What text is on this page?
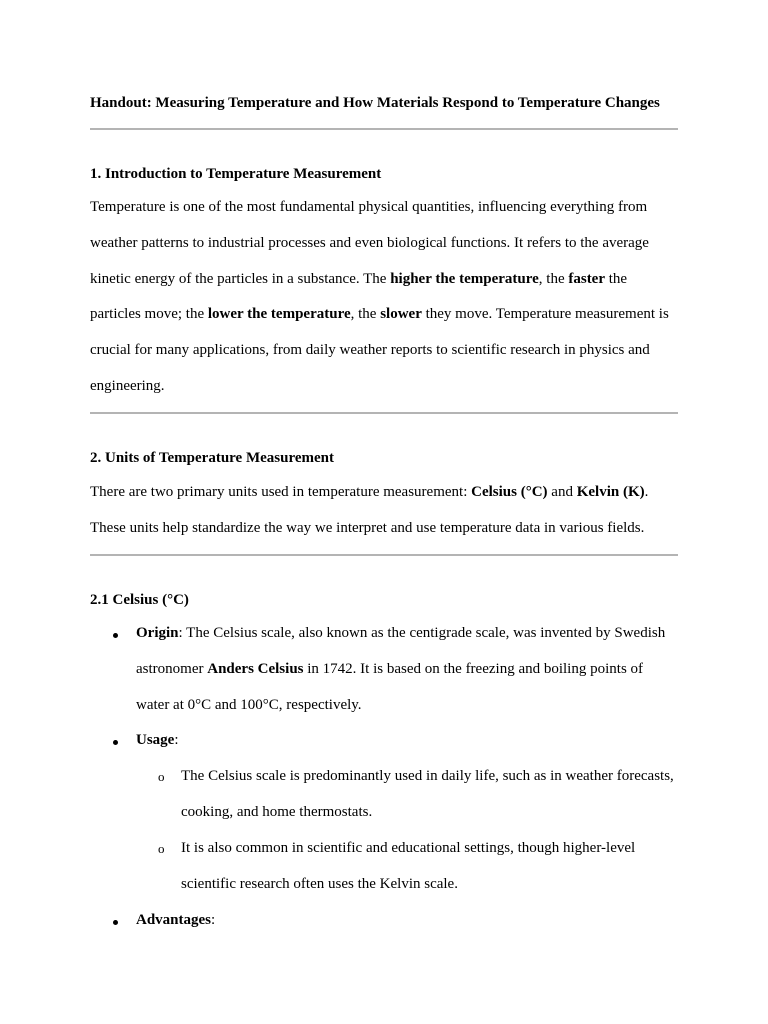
Handout: Measuring Temperature and How Materials Respond to Temperature Changes
1. Introduction to Temperature Measurement
Temperature is one of the most fundamental physical quantities, influencing everything from weather patterns to industrial processes and even biological functions. It refers to the average kinetic energy of the particles in a substance. The higher the temperature, the faster the particles move; the lower the temperature, the slower they move. Temperature measurement is crucial for many applications, from daily weather reports to scientific research in physics and engineering.
2. Units of Temperature Measurement
There are two primary units used in temperature measurement: Celsius (°C) and Kelvin (K). These units help standardize the way we interpret and use temperature data in various fields.
2.1 Celsius (°C)
Origin: The Celsius scale, also known as the centigrade scale, was invented by Swedish astronomer Anders Celsius in 1742. It is based on the freezing and boiling points of water at 0°C and 100°C, respectively.
Usage:
o The Celsius scale is predominantly used in daily life, such as in weather forecasts, cooking, and home thermostats.
o It is also common in scientific and educational settings, though higher-level scientific research often uses the Kelvin scale.
Advantages:
